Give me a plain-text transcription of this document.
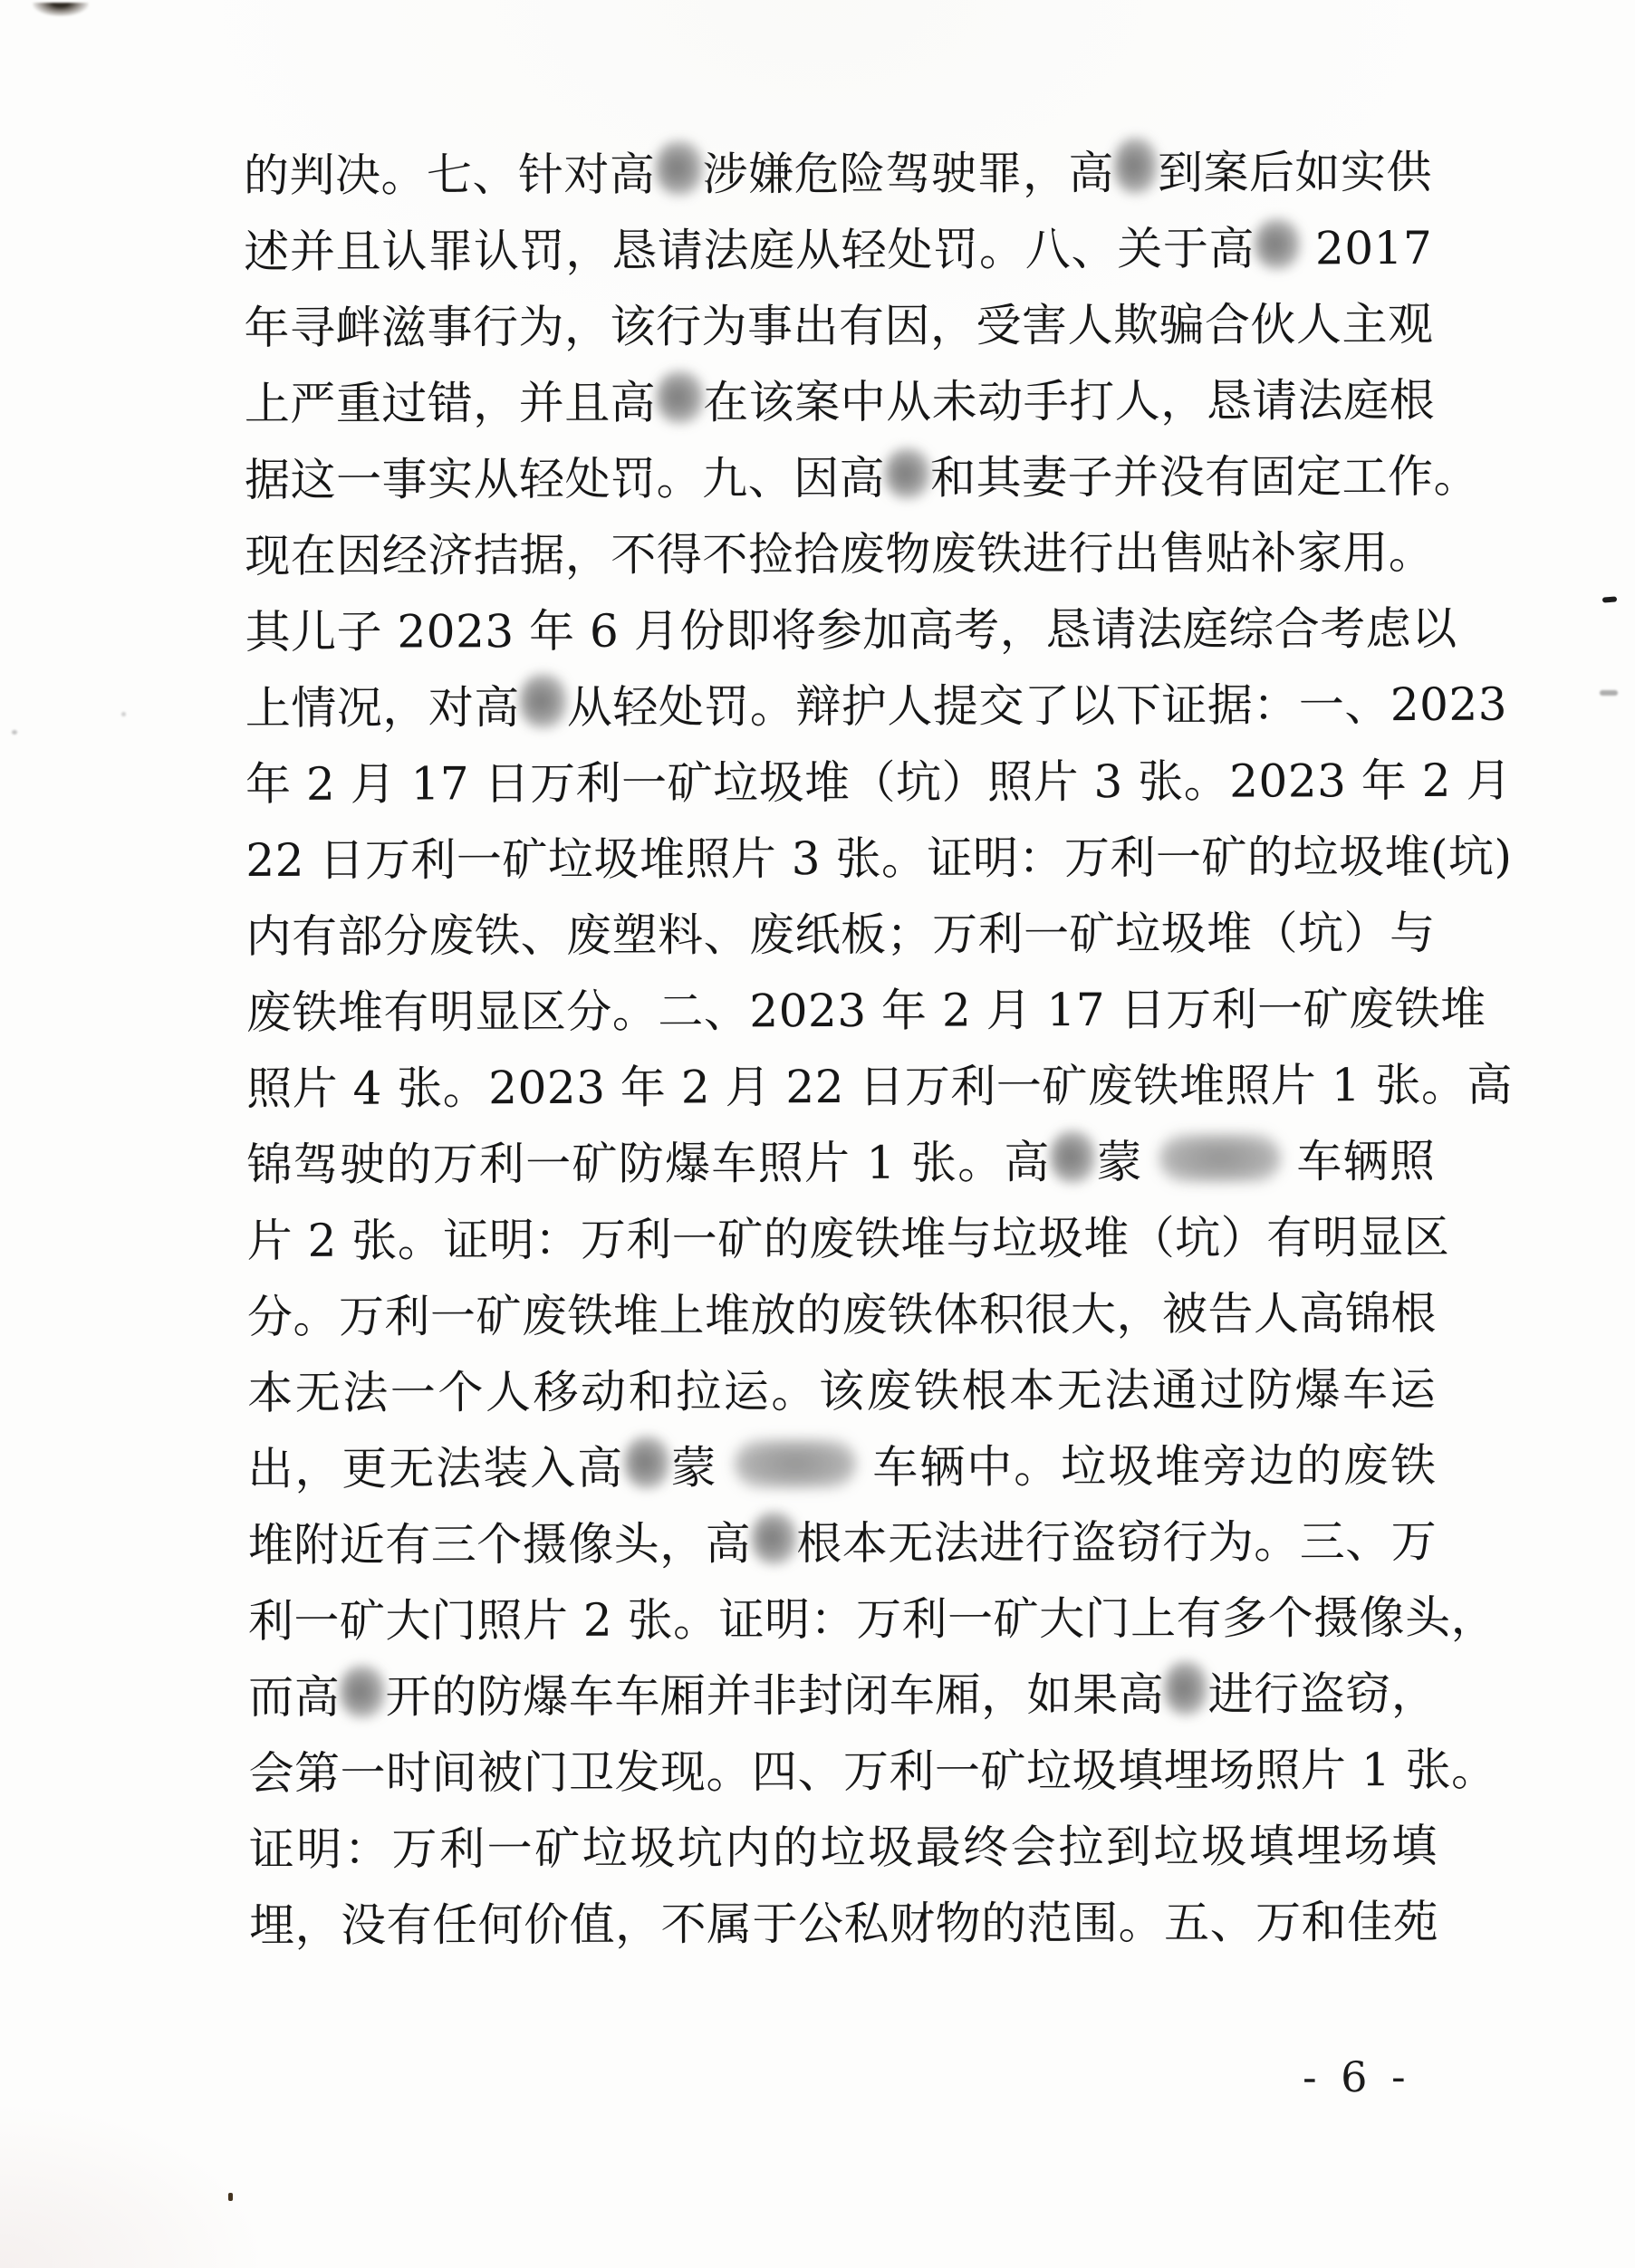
的判决。七、针对高 涉嫌危险驾驶罪，高 到案后如实供
述并且认罪认罚，恳请法庭从轻处罚。八、关于高 2017
年寻衅滋事行为，该行为事出有因，受害人欺骗合伙人主观
上严重过错，并且高 在该案中从未动手打人，恳请法庭根
据这一事实从轻处罚。九、因高 和其妻子并没有固定工作。
现在因经济拮据，不得不捡拾废物废铁进行出售贴补家用。
其儿子 2023 年 6 月份即将参加高考，恳请法庭综合考虑以
上情况，对高 从轻处罚。辩护人提交了以下证据：一、2023
年 2 月 17 日万利一矿垃圾堆（坑）照片 3 张。2023 年 2 月
22 日万利一矿垃圾堆照片 3 张。证明：万利一矿的垃圾堆(坑)
内有部分废铁、废塑料、废纸板；万利一矿垃圾堆（坑）与
废铁堆有明显区分。二、2023 年 2 月 17 日万利一矿废铁堆
照片 4 张。2023 年 2 月 22 日万利一矿废铁堆照片 1 张。高
锦驾驶的万利一矿防爆车照片 1 张。高 蒙	车辆照
片 2 张。证明：万利一矿的废铁堆与垃圾堆（坑）有明显区
分。万利一矿废铁堆上堆放的废铁体积很大，被告人高锦根
本无法一个人移动和拉运。该废铁根本无法通过防爆车运
出，更无法装入高 蒙	车辆中。垃圾堆旁边的废铁
堆附近有三个摄像头，高 根本无法进行盗窃行为。三、万
利一矿大门照片 2 张。证明：万利一矿大门上有多个摄像头，
而高 开的防爆车车厢并非封闭车厢，如果高 进行盗窃，
会第一时间被门卫发现。四、万利一矿垃圾填埋场照片 1 张。
证明：万利一矿垃圾坑内的垃圾最终会拉到垃圾填埋场填
埋，没有任何价值，不属于公私财物的范围。五、万和佳苑
- 6 -
